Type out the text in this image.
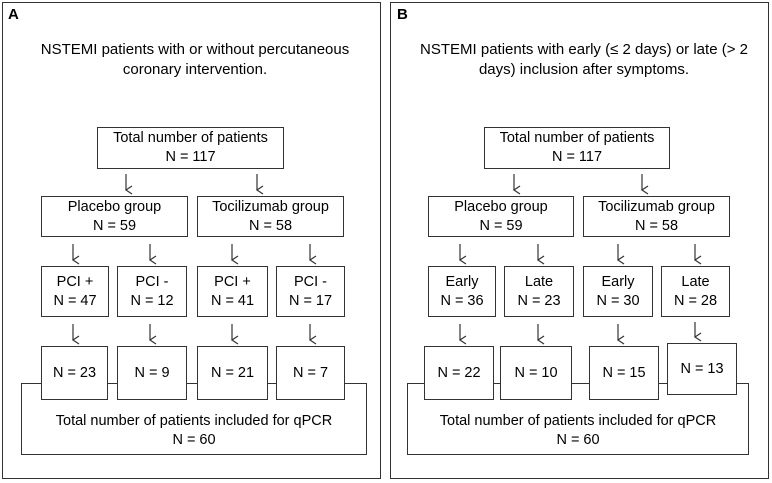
A
NSTEMI patients with or without percutaneous
coronary intervention.
Total number of patients included for qPCR
N = 60
Total number of patients
N = 117
Placebo group
N = 59
Tocilizumab group
N = 58
PCI +
N = 47
PCI -
N = 12
PCI +
N = 41
PCI -
N = 17
N = 23	N = 9	N = 21	N = 7
B
NSTEMI patients with early (≤ 2 days) or late (> 2
days) inclusion after symptoms.
Total number of patients included for qPCR
N = 60
Total number of patients
N = 117
Placebo group
N = 59
Tocilizumab group
N = 58
Early
N = 36
Late
N = 23
Early
N = 30
Late
N = 28
N = 22 N = 10	N = 15 N = 13
